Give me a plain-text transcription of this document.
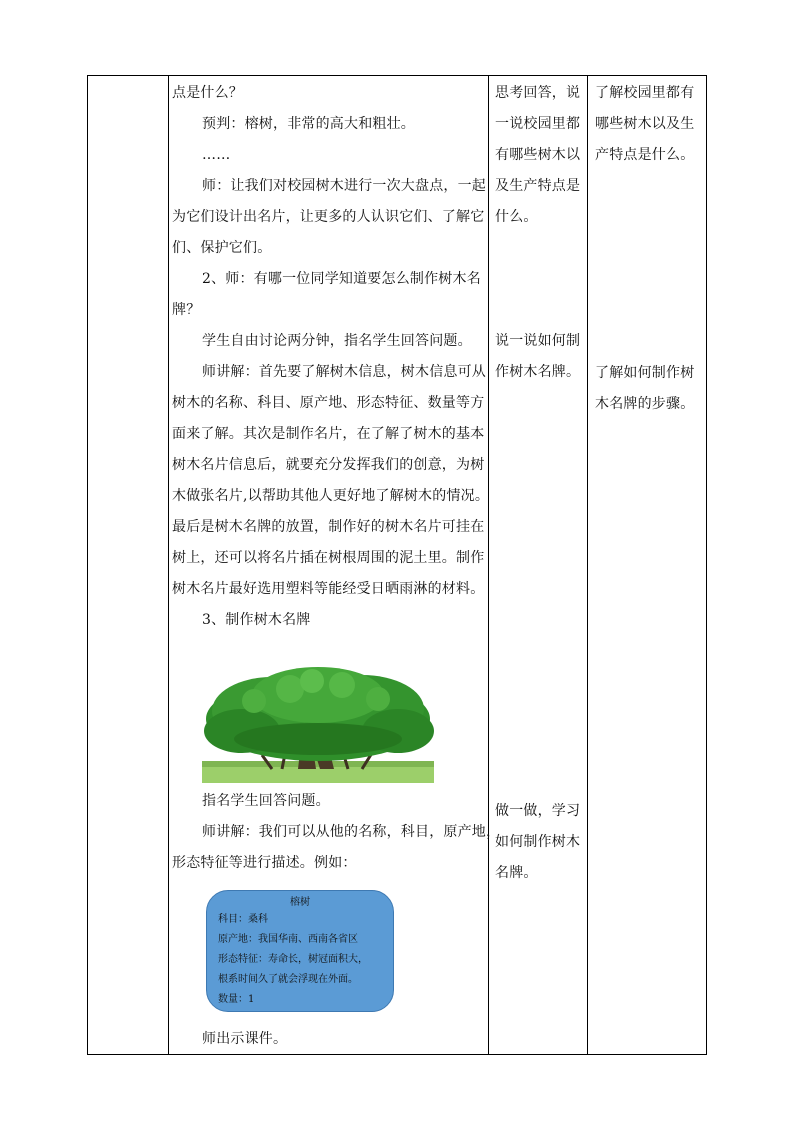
点是什么？
预判：榕树，非常的高大和粗壮。
……
师：让我们对校园树木进行一次大盘点，一起
为它们设计出名片，让更多的人认识它们、了解它
们、保护它们。
2、师：有哪一位同学知道要怎么制作树木名
牌？
学生自由讨论两分钟，指名学生回答问题。
师讲解：首先要了解树木信息，树木信息可从
树木的名称、科目、原产地、形态特征、数量等方
面来了解。其次是制作名片，在了解了树木的基本
树木名片信息后，就要充分发挥我们的创意，为树
木做张名片,以帮助其他人更好地了解树木的情况。
最后是树木名牌的放置，制作好的树木名片可挂在
树上，还可以将名片插在树根周围的泥土里。制作
树木名片最好选用塑料等能经受日晒雨淋的材料。
3、制作树木名牌
指名学生回答问题。
师讲解：我们可以从他的名称，科目，原产地，
形态特征等进行描述。例如：
师出示课件。
思考回答，说
一说校园里都
有哪些树木以
及生产特点是
什么。
说一说如何制
作树木名牌。
做一做，学习
如何制作树木
名牌。
了解校园里都有
哪些树木以及生
产特点是什么。
了解如何制作树
木名牌的步骤。
榕树
科目：桑科
原产地：我国华南、西南各省区
形态特征：寿命长，树冠面积大，
根系时间久了就会浮现在外面。
数量：1
